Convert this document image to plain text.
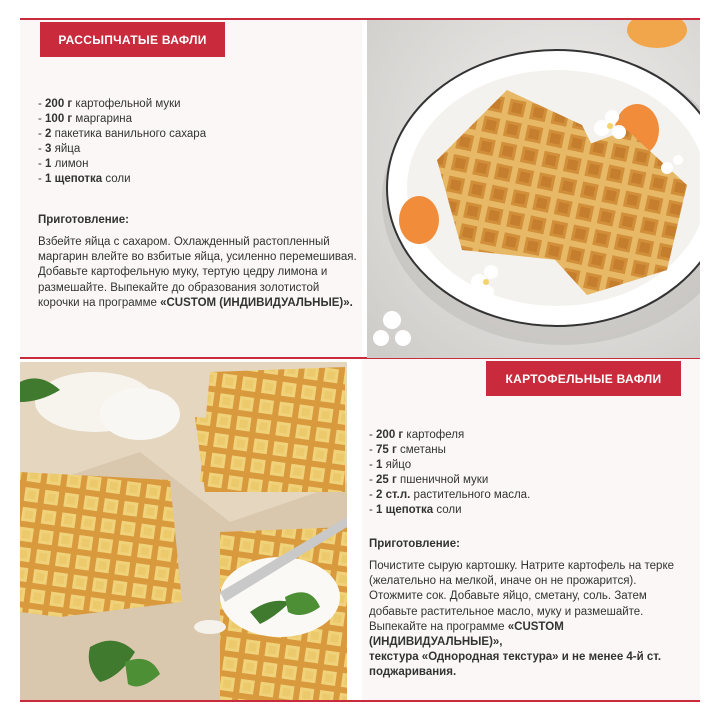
РАССЫПЧАТЫЕ ВАФЛИ
- 200 г картофельной муки
- 100 г маргарина
- 2 пакетика ванильного сахара
- 3 яйца
- 1 лимон
- 1 щепотка соли
Приготовление:

Взбейте яйца с сахаром. Охлажденный растопленный
маргарин влейте во взбитые яйца, усиленно перемешивая.
Добавьте картофельную муку, тертую цедру лимона и
размешайте. Выпекайте до образования золотистой
корочки на программе «CUSTOM (ИНДИВИДУАЛЬНЫЕ)».

КАРТОФЕЛЬНЫЕ ВАФЛИ
- 200 г картофеля
- 75 г сметаны
- 1 яйцо
- 25 г пшеничной муки
- 2 ст.л. растительного масла.
- 1 щепотка соли
Приготовление:

Почистите сырую картошку. Натрите картофель на терке
(желательно на мелкой, иначе он не прожарится).
Отожмите сок. Добавьте яйцо, сметану, соль. Затем
добавьте растительное масло, муку и размешайте.
Выпекайте на программе «CUSTOM (ИНДИВИДУАЛЬНЫЕ)»,
текстура «Однородная текстура» и не менее 4-й ст.
поджаривания.
